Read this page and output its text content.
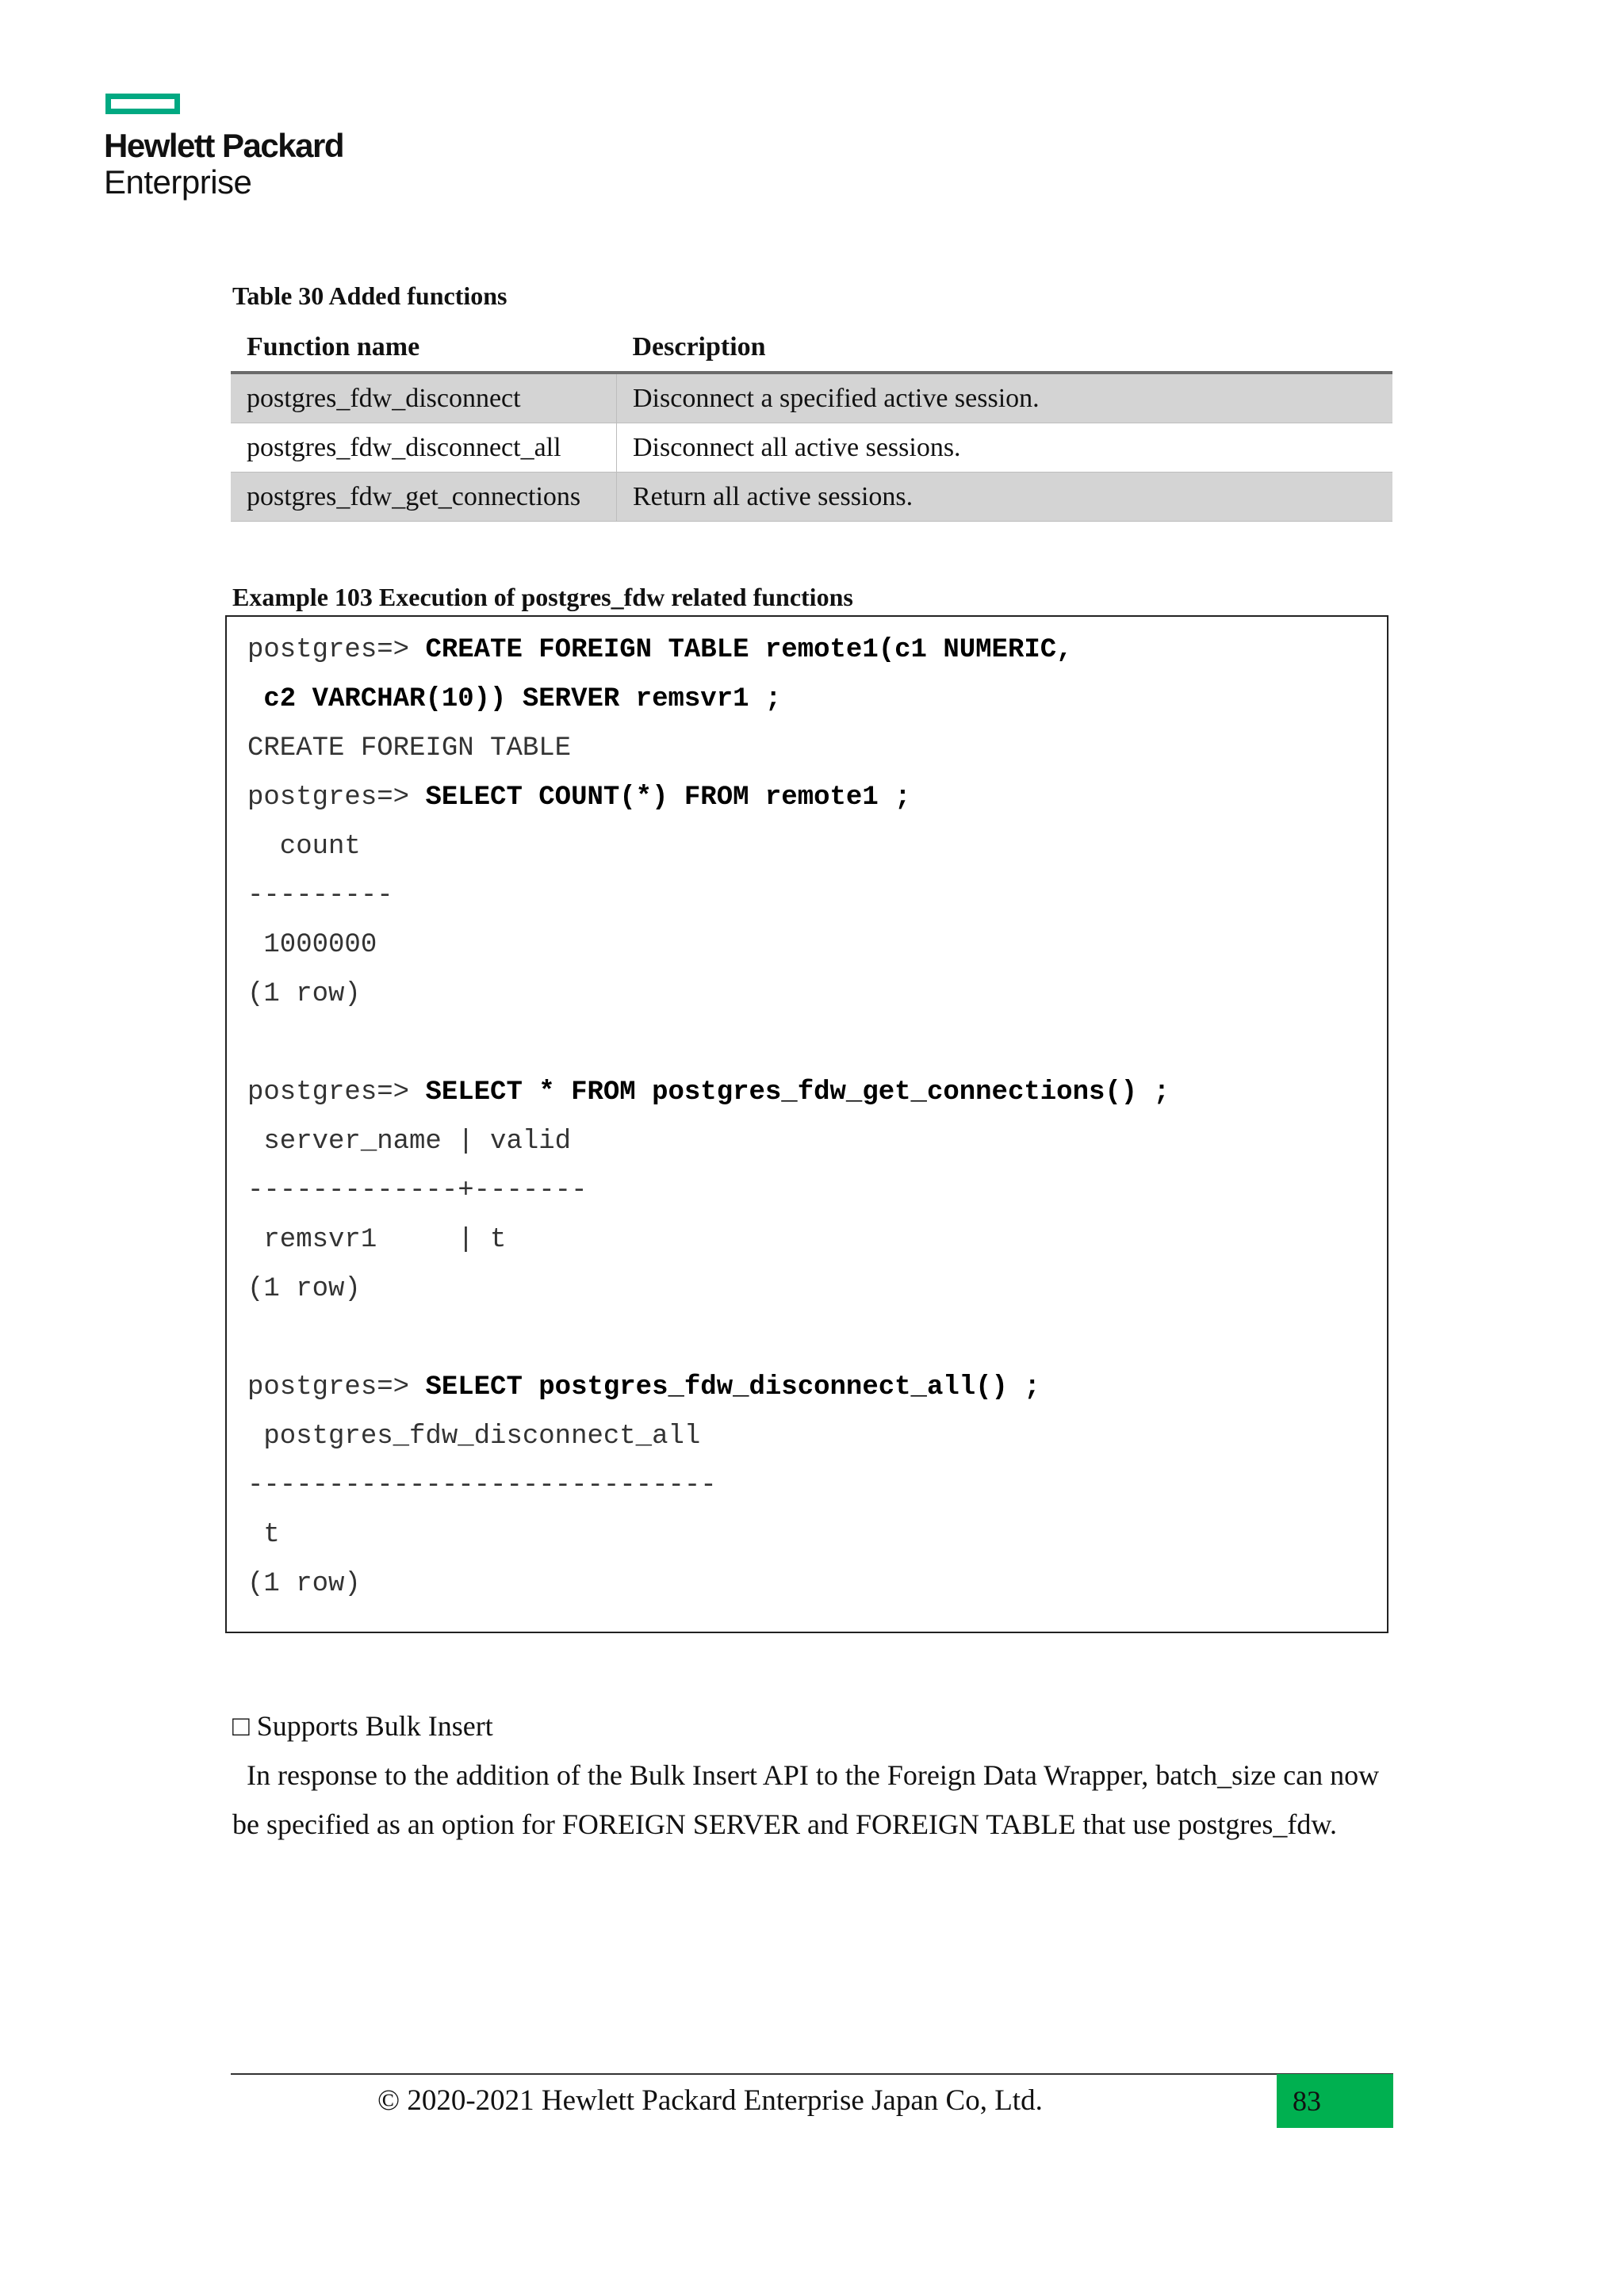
Hewlett Packard
Enterprise
Table 30 Added functions
Function name	Description
postgres_fdw_disconnect	Disconnect a specified active session.
postgres_fdw_disconnect_all	Disconnect all active sessions.
postgres_fdw_get_connections	Return all active sessions.
Example 103 Execution of postgres_fdw related functions
postgres=> CREATE FOREIGN TABLE remote1(c1 NUMERIC,
c2 VARCHAR(10)) SERVER remsvr1 ;
CREATE FOREIGN TABLE
postgres=> SELECT COUNT(*) FROM remote1 ;
count
---------
1000000
(1 row)
postgres=> SELECT * FROM postgres_fdw_get_connections() ;
server_name | valid
-------------+-------
remsvr1     | t
(1 row)
postgres=> SELECT postgres_fdw_disconnect_all() ;
postgres_fdw_disconnect_all
-----------------------------
t
(1 row)
□ Supports Bulk Insert
In response to the addition of the Bulk Insert API to the Foreign Data Wrapper, batch_size can now
be specified as an option for FOREIGN SERVER and FOREIGN TABLE that use postgres_fdw.
© 2020-2021 Hewlett Packard Enterprise Japan Co, Ltd.	83
